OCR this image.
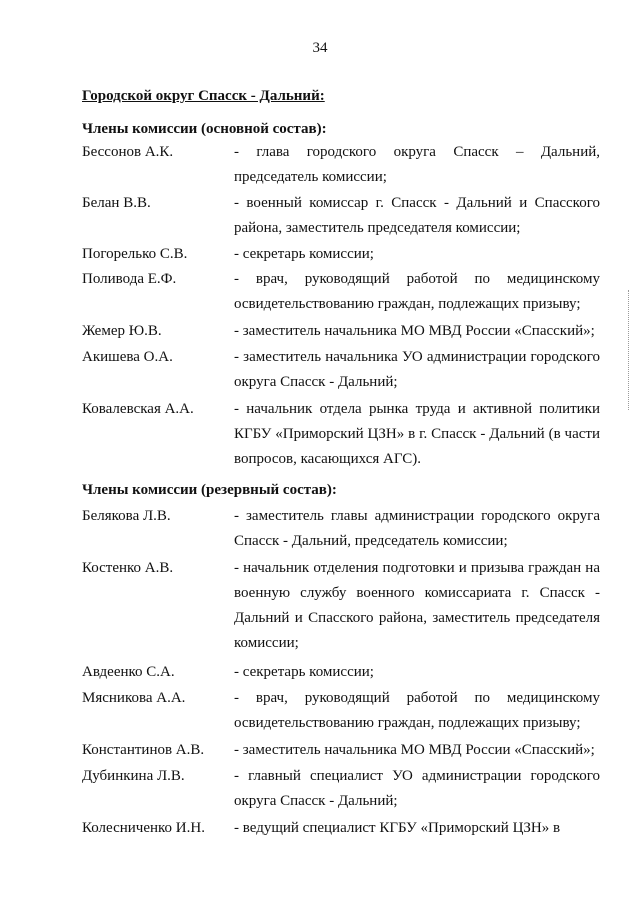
34
Городской округ Спасск - Дальний:
Члены комиссии (основной состав):
Бессонов А.К.	- глава городского округа Спасск – Дальний, председатель комиссии;
Белан В.В.	- военный комиссар г. Спасск - Дальний и Спасского района, заместитель председателя комиссии;
Погорелько С.В.	- секретарь комиссии;
Поливода Е.Ф.	- врач, руководящий работой по медицинскому освидетельствованию граждан, подлежащих призыву;
Жемер Ю.В.	- заместитель начальника МО МВД России «Спасский»;
Акишева О.А.	- заместитель начальника УО администрации городского округа Спасск - Дальний;
Ковалевская А.А.	- начальник отдела рынка труда и активной политики КГБУ «Приморский ЦЗН» в г. Спасск - Дальний (в части вопросов, касающихся АГС).
Члены комиссии (резервный состав):
Белякова Л.В.	- заместитель главы администрации городского округа Спасск - Дальний, председатель комиссии;
Костенко А.В.	- начальник отделения подготовки и призыва граждан на военную службу военного комиссариата г. Спасск - Дальний и Спасского района, заместитель председателя комиссии;
Авдеенко С.А.	- секретарь комиссии;
Мясникова А.А.	- врач, руководящий работой по медицинскому освидетельствованию граждан, подлежащих призыву;
Константинов А.В.	- заместитель начальника МО МВД России «Спасский»;
Дубинкина Л.В.	- главный специалист УО администрации городского округа Спасск - Дальний;
Колесниченко И.Н.	- ведущий специалист КГБУ «Приморский ЦЗН» в
